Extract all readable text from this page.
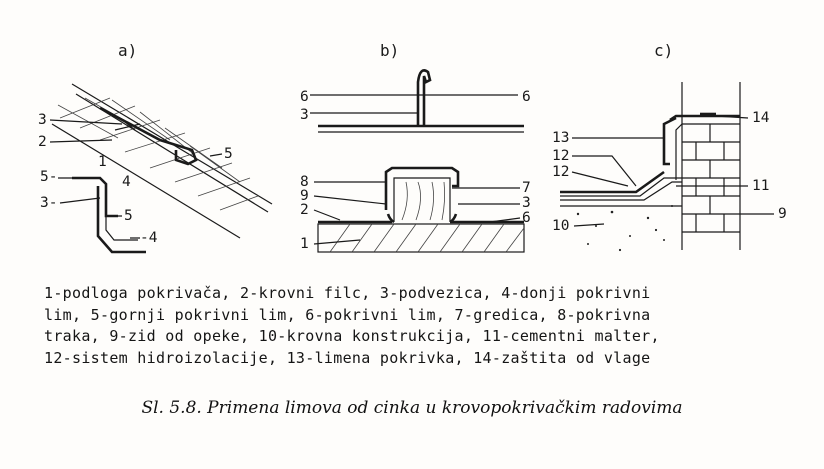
a)
3
2
1
4
5
5-
3-
5
-4
b)
6
3
6
8
9
2
1
7
3
6
c)
14
13
12
12
11
10
9
1-podloga pokrivača, 2-krovni filc, 3-podvezica, 4-donji pokrivni
lim, 5-gornji pokrivni lim, 6-pokrivni lim, 7-gredica, 8-pokrivna
traka, 9-zid od opeke, 10-krovna konstrukcija, 11-cementni malter,
12-sistem hidroizolacije, 13-limena pokrivka, 14-zaštita od vlage
Sl. 5.8. Primena limova od cinka u krovopokrivačkim radovima
